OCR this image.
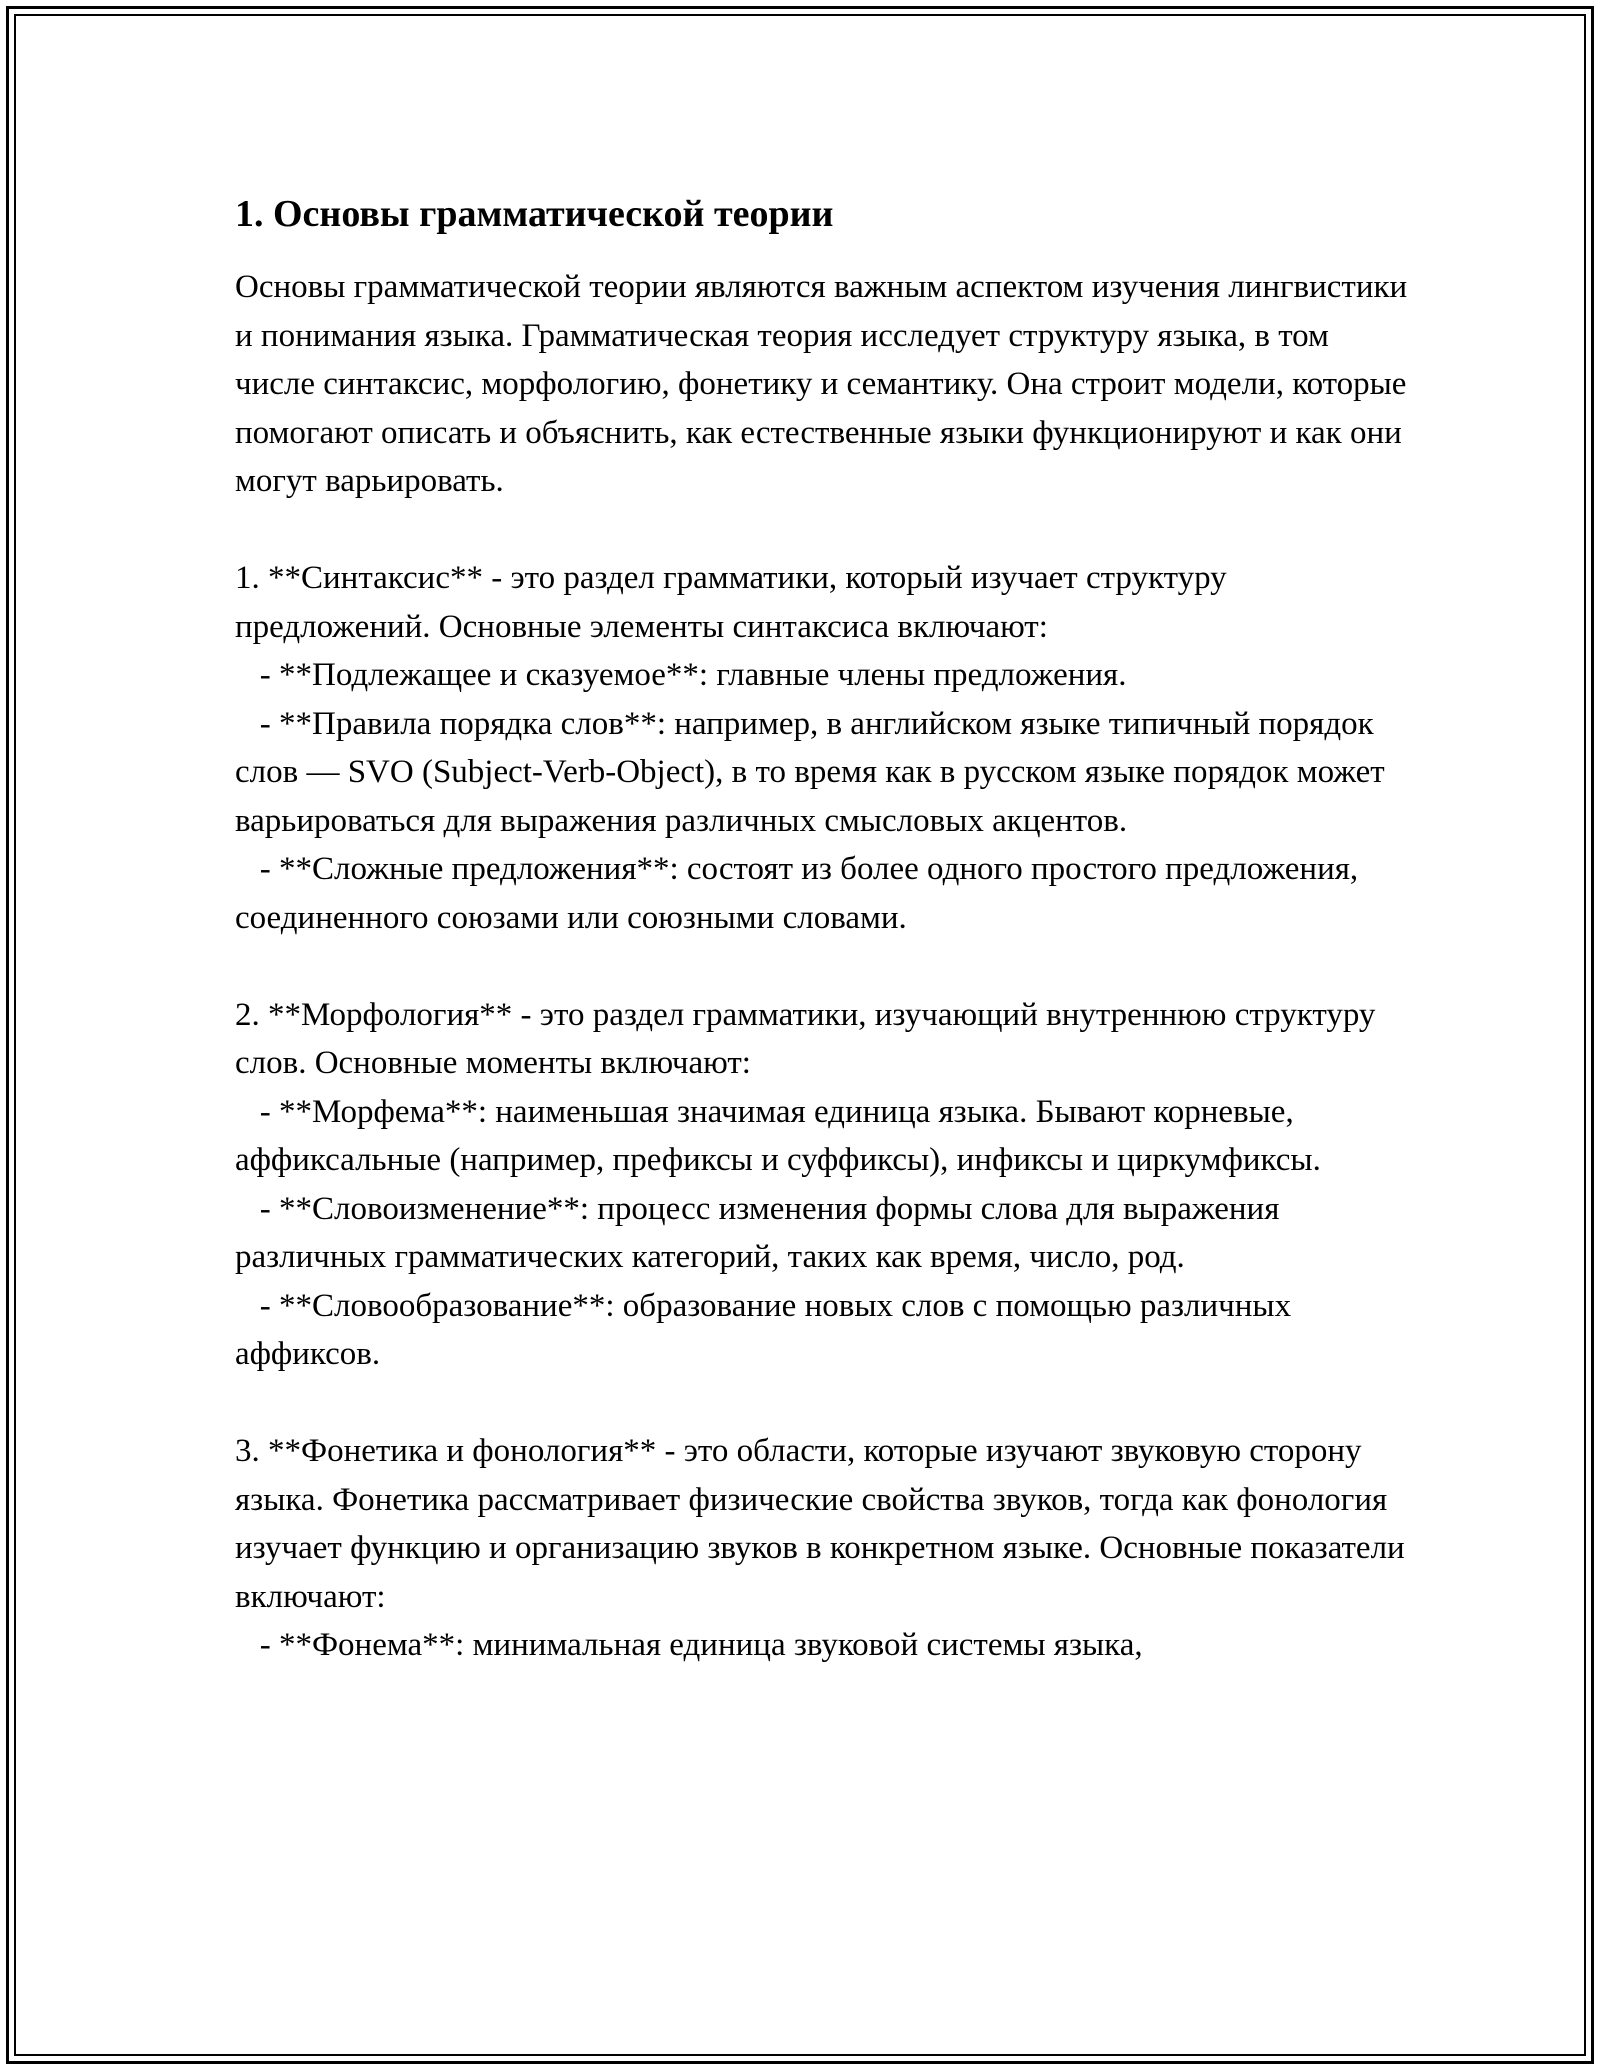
1. Основы грамматической теории

Основы грамматической теории являются важным аспектом изучения лингвистики и понимания языка. Грамматическая теория исследует структуру языка, в том числе синтаксис, морфологию, фонетику и семантику. Она строит модели, которые помогают описать и объяснить, как естественные языки функционируют и как они могут варьировать.

1. **Синтаксис** - это раздел грамматики, который изучает структуру предложений. Основные элементы синтаксиса включают:

- **Подлежащее и сказуемое**: главные члены предложения.

- **Правила порядка слов**: например, в английском языке типичный порядок слов — SVO (Subject-Verb-Object), в то время как в русском языке порядок может варьироваться для выражения различных смысловых акцентов.

- **Сложные предложения**: состоят из более одного простого предложения, соединенного союзами или союзными словами.

2. **Морфология** - это раздел грамматики, изучающий внутреннюю структуру слов. Основные моменты включают:

- **Морфема**: наименьшая значимая единица языка. Бывают корневые, аффиксальные (например, префиксы и суффиксы), инфиксы и циркумфиксы.

- **Словоизменение**: процесс изменения формы слова для выражения различных грамматических категорий, таких как время, число, род.

- **Словообразование**: образование новых слов с помощью различных аффиксов.

3. **Фонетика и фонология** - это области, которые изучают звуковую сторону языка. Фонетика рассматривает физические свойства звуков, тогда как фонология изучает функцию и организацию звуков в конкретном языке. Основные показатели включают:

- **Фонема**: минимальная единица звуковой системы языка,
